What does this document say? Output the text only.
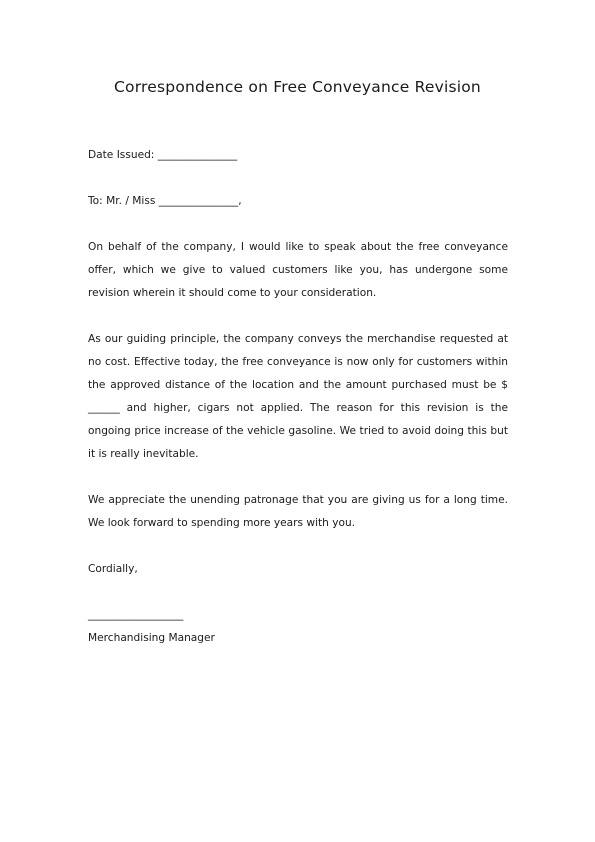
Correspondence on Free Conveyance Revision
Date Issued: _______________
To: Mr. / Miss _______________,

On behalf of the company, I would like to speak about the free conveyance offer, which we give to valued customers like you, has undergone some revision wherein it should come to your consideration.

As our guiding principle, the company conveys the merchandise requested at no cost. Effective today, the free conveyance is now only for customers within the approved distance of the location and the amount purchased must be $ ______ and higher, cigars not applied. The reason for this revision is the ongoing price increase of the vehicle gasoline. We tried to avoid doing this but it is really inevitable.

We appreciate the unending patronage that you are giving us for a long time. We look forward to spending more years with you.

Cordially,
__________________
Merchandising Manager
